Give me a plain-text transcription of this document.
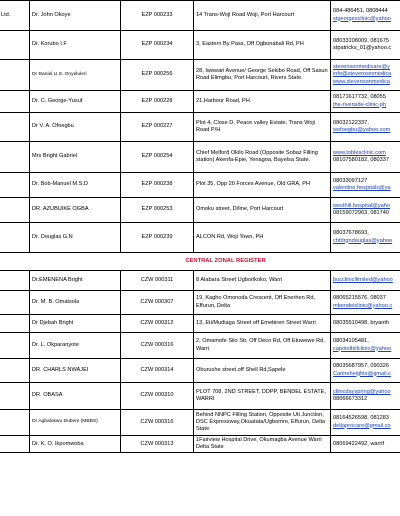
Ltd.	Dr. John Okoye	EZP 000233	14 Trans-Woji Road Woji, Port Harcourt	084-486451, 0808444
stgeorgesclinic@yahoo

	Dr. Korubo I.F	EZP 000234	3, Eastern By Pass, Off Ogbunabali Rd, PH	08033108009, 081675
stpatricks_01@yahoo.c

	Dr Daniel U.S. Onyeluleri	EZP 000256	28, Iwowari Avenue/ George Sekibo Road, Off Sasun Road Elimgbu, Port Harcourt, Rivers State.	stevensonmedicare@y
info@stevensonmedica
www.stevensonmedica

	Dr. C. George-Yusuf	EZP 000228	21,Harbour Road, PH.	08171617732, 08055
the-riverside-clinic-ph

	Dr V. A. Ofoegbu	EZP 000227	Plot 4, Close D, Peace valley Estate, Trans Woji Road P/H	08032122337,
wofoegbu@yahoo.com

	Mrs Bright Gabriel	EZP 000254	Chief Melford Okilo Road (Opposite Sobaz Filling station) Akenfa-Epie, Yenagoa, Bayelsa State.	www.toblesclinic.com
08107580182, 080337

	Dr. Bob-Manuel M.S.D	EZP 000238	Plot 35, Opp 20 Forces Avenue, Old GRA, PH	08033097127
valentine.hospitals@ya

	DR. AZUBUIKE OGBA	EZP 000253	Omoku street, D/line, Port Harcourt	westhill.hospital@yaho
08159072963, 081740

	Dr. Douglas G.N	EZP 000239	ALCON Rd, Woji Town, PH	08037678693,
chfdrgndouglas@yahoo

		CENTRAL ZONAL REGISTER		
	Dr.EMENENA Bright	CZW 000311	8 Alabara Street Ugborikoko, Warri	bucclinicllimited@yahoo

	Dr. M. B. Omatsola	CZW 000307	19, Kagho Omonoda Crescent, Off Enerhen Rd, Effurun, Delta	08065215576, 08037
mbendelclinic@yahoo.c

	Dr Djebah Bright	CZW 000312	13, Eti/Mudiaga Street off Emebiren Street Warri	08035510498, bryanth

	Dr. L. Okparanyote	CZW 000316	2, Omamofe Silo Str, Off Deco Rd, Off Etuwewe Rd, Warri	08034105481,
capotolhillclinic@yahoo

	DR. CHARLS NWAJEI	CZW 000314	Oburuche street off Shell Rd,Sapele	08035687957, 090326
Carineheights@gmail.c

	DR. OBASA	CZW 000310	PLOT 708, 2ND STREET, DDPP, BENDEL ESTATE, WARRI	clinicdayspring@yahoo
08066673312

	Dr Agbalokwu Dubem (MBBS)	CZW 000316	Behind NNPC Filling Station, Opposite Uti Junction, DSC Expressway,Okuatata/Ugbomro, Effurun, Delta State	08164526598, 081283
deltaprocare@gmail.co

	Dr. K. O. Ikpomwoba	CZW 000313	1Fairview Hospital Drive, Okumagba Avenue Warri Delta State	08069422492, warrif
